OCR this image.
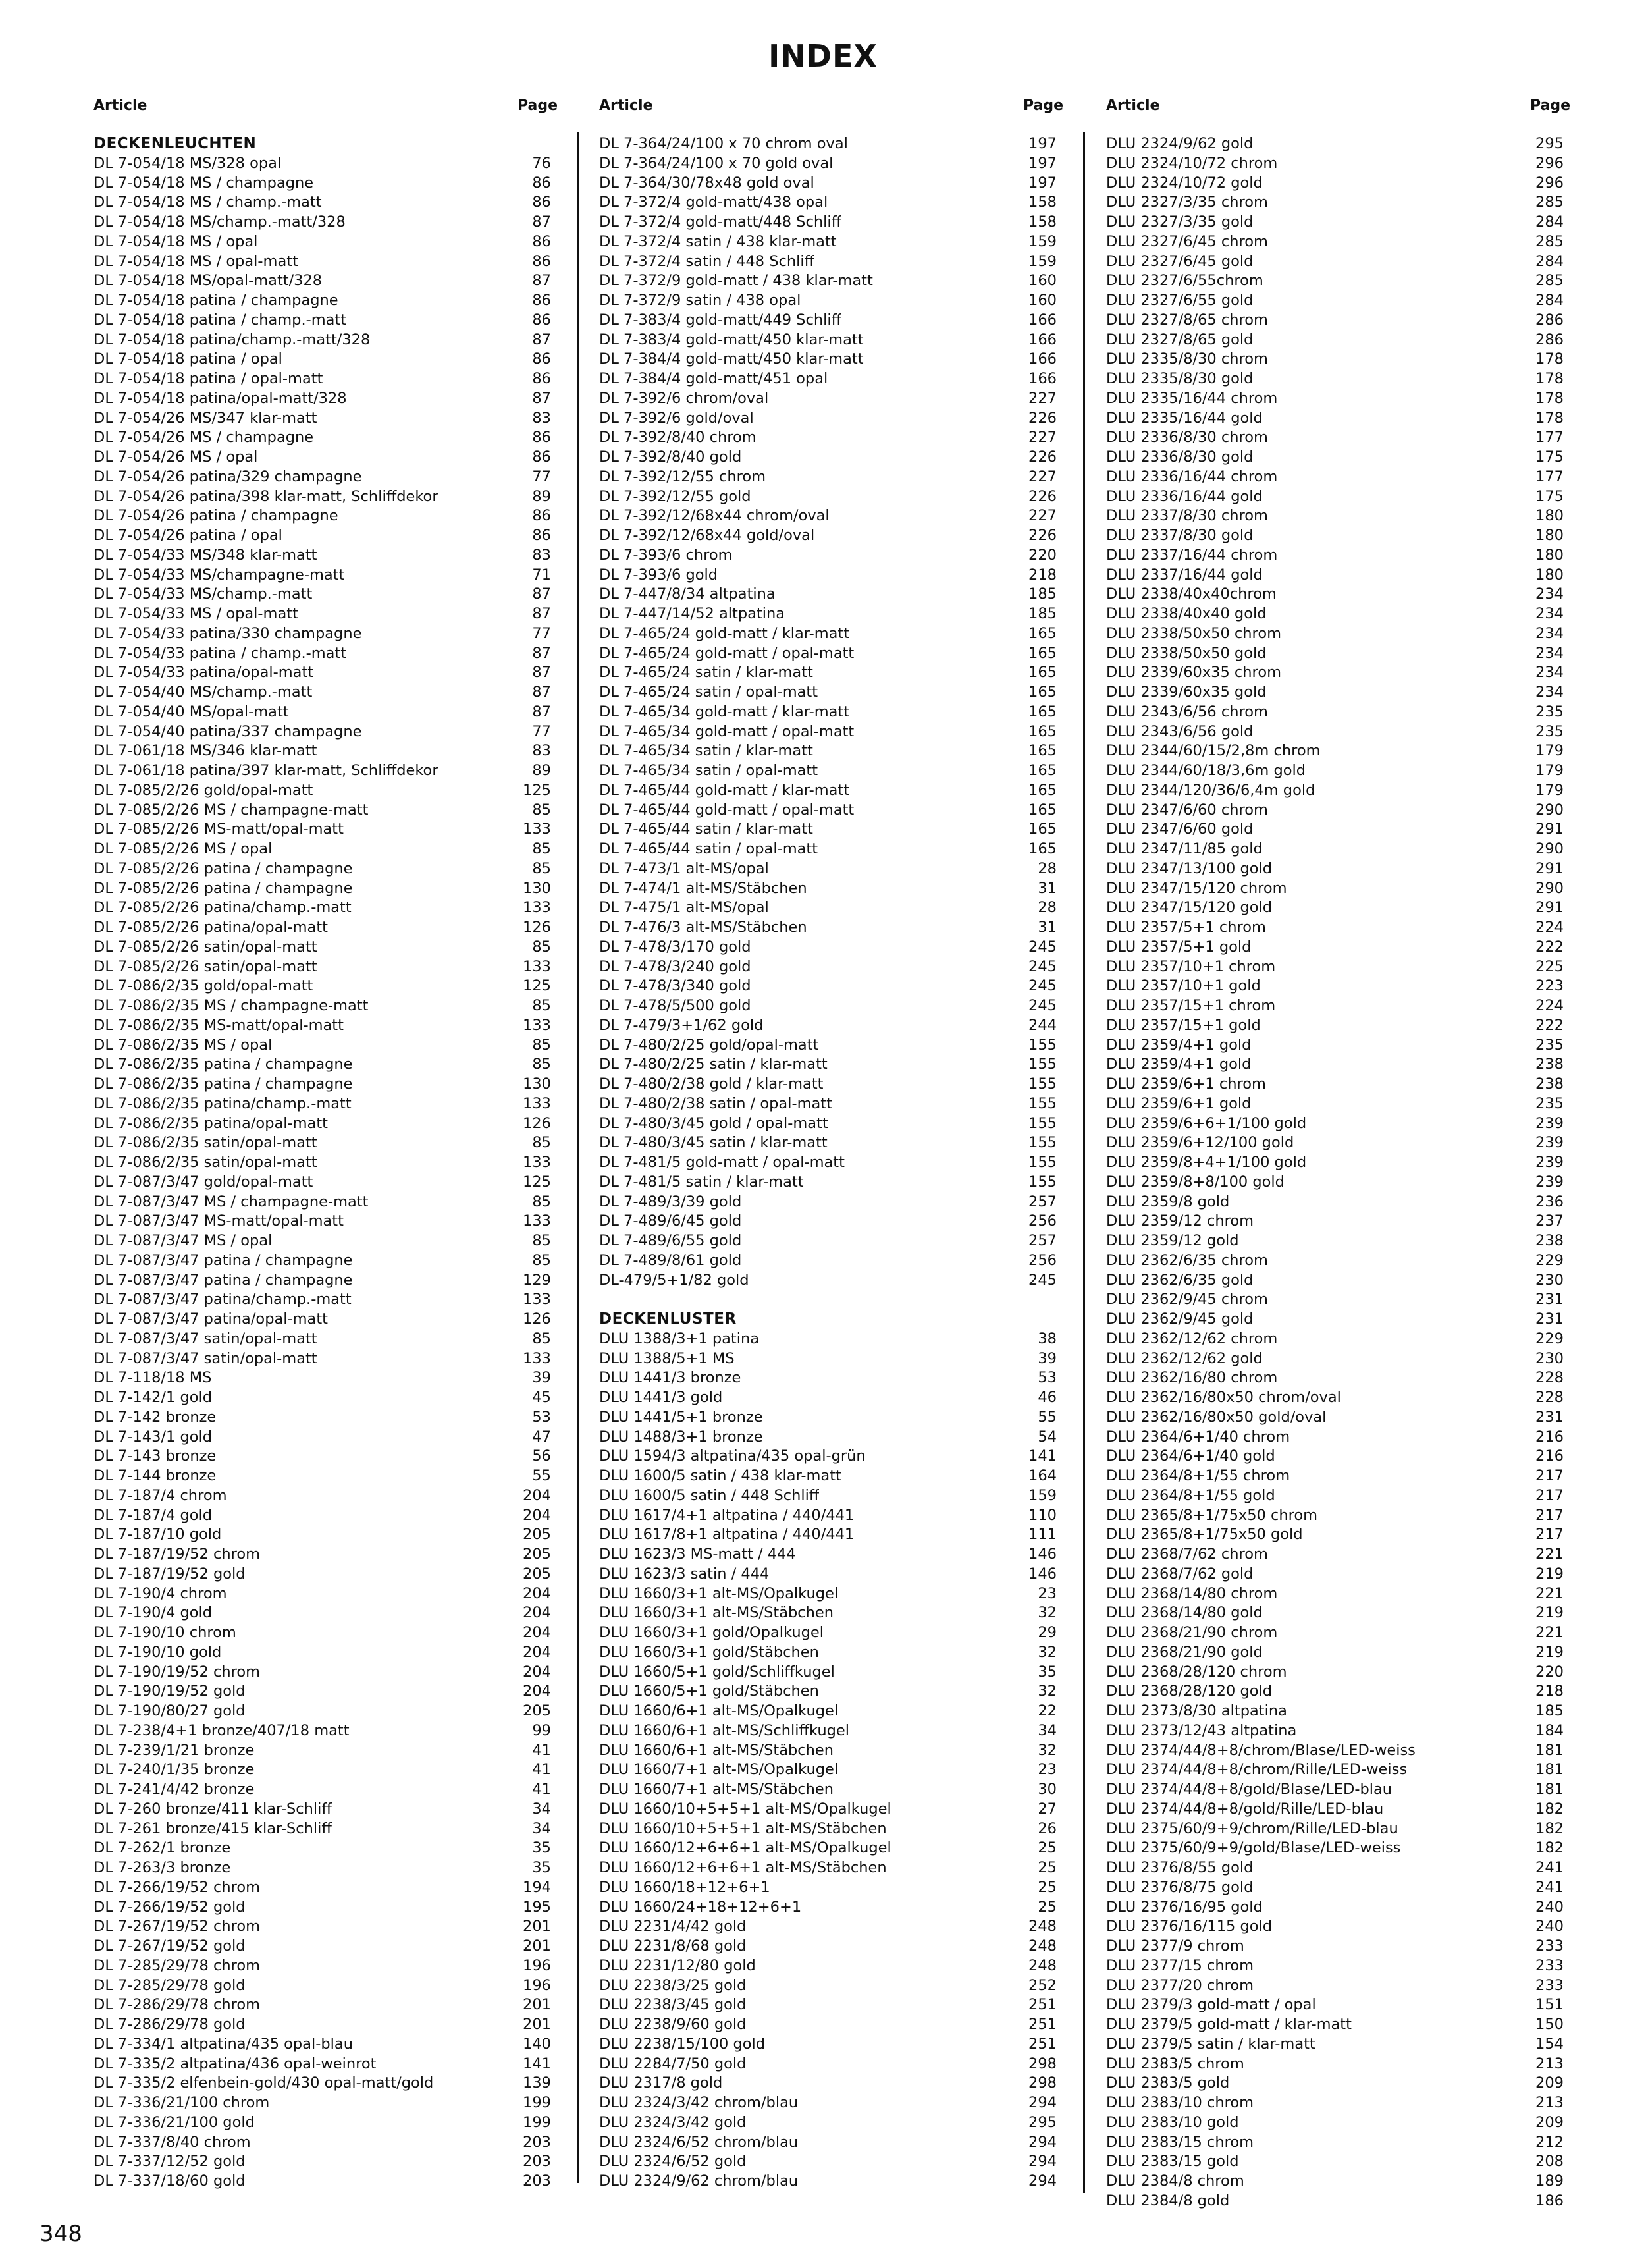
INDEX
Article	Page
DECKENLEUCHTEN
DL 7-054/18 MS/328 opal	76
DL 7-054/18 MS / champagne	86
DL 7-054/18 MS / champ.-matt	86
DL 7-054/18 MS/champ.-matt/328	87
DL 7-054/18 MS / opal	86
DL 7-054/18 MS / opal-matt	86
DL 7-054/18 MS/opal-matt/328	87
DL 7-054/18 patina / champagne	86
DL 7-054/18 patina / champ.-matt	86
DL 7-054/18 patina/champ.-matt/328	87
DL 7-054/18 patina / opal	86
DL 7-054/18 patina / opal-matt	86
DL 7-054/18 patina/opal-matt/328	87
DL 7-054/26 MS/347 klar-matt	83
DL 7-054/26 MS / champagne	86
DL 7-054/26 MS / opal	86
DL 7-054/26 patina/329 champagne	77
DL 7-054/26 patina/398 klar-matt, Schliffdekor	89
DL 7-054/26 patina / champagne	86
DL 7-054/26 patina / opal	86
DL 7-054/33 MS/348 klar-matt	83
DL 7-054/33 MS/champagne-matt	71
DL 7-054/33 MS/champ.-matt	87
DL 7-054/33 MS / opal-matt	87
DL 7-054/33 patina/330 champagne	77
DL 7-054/33 patina / champ.-matt	87
DL 7-054/33 patina/opal-matt	87
DL 7-054/40 MS/champ.-matt	87
DL 7-054/40 MS/opal-matt	87
DL 7-054/40 patina/337 champagne	77
DL 7-061/18 MS/346 klar-matt	83
DL 7-061/18 patina/397 klar-matt, Schliffdekor	89
DL 7-085/2/26 gold/opal-matt	125
DL 7-085/2/26 MS / champagne-matt	85
DL 7-085/2/26 MS-matt/opal-matt	133
DL 7-085/2/26 MS / opal	85
DL 7-085/2/26 patina / champagne	85
DL 7-085/2/26 patina / champagne	130
DL 7-085/2/26 patina/champ.-matt	133
DL 7-085/2/26 patina/opal-matt	126
DL 7-085/2/26 satin/opal-matt	85
DL 7-085/2/26 satin/opal-matt	133
DL 7-086/2/35 gold/opal-matt	125
DL 7-086/2/35 MS / champagne-matt	85
DL 7-086/2/35 MS-matt/opal-matt	133
DL 7-086/2/35 MS / opal	85
DL 7-086/2/35 patina / champagne	85
DL 7-086/2/35 patina / champagne	130
DL 7-086/2/35 patina/champ.-matt	133
DL 7-086/2/35 patina/opal-matt	126
DL 7-086/2/35 satin/opal-matt	85
DL 7-086/2/35 satin/opal-matt	133
DL 7-087/3/47 gold/opal-matt	125
DL 7-087/3/47 MS / champagne-matt	85
DL 7-087/3/47 MS-matt/opal-matt	133
DL 7-087/3/47 MS / opal	85
DL 7-087/3/47 patina / champagne	85
DL 7-087/3/47 patina / champagne	129
DL 7-087/3/47 patina/champ.-matt	133
DL 7-087/3/47 patina/opal-matt	126
DL 7-087/3/47 satin/opal-matt	85
DL 7-087/3/47 satin/opal-matt	133
DL 7-118/18 MS	39
DL 7-142/1 gold	45
DL 7-142 bronze	53
DL 7-143/1 gold	47
DL 7-143 bronze	56
DL 7-144 bronze	55
DL 7-187/4 chrom	204
DL 7-187/4 gold	204
DL 7-187/10 gold	205
DL 7-187/19/52 chrom	205
DL 7-187/19/52 gold	205
DL 7-190/4 chrom	204
DL 7-190/4 gold	204
DL 7-190/10 chrom	204
DL 7-190/10 gold	204
DL 7-190/19/52 chrom	204
DL 7-190/19/52 gold	204
DL 7-190/80/27 gold	205
DL 7-238/4+1 bronze/407/18 matt	99
DL 7-239/1/21 bronze	41
DL 7-240/1/35 bronze	41
DL 7-241/4/42 bronze	41
DL 7-260 bronze/411 klar-Schliff	34
DL 7-261 bronze/415 klar-Schliff	34
DL 7-262/1 bronze	35
DL 7-263/3 bronze	35
DL 7-266/19/52 chrom	194
DL 7-266/19/52 gold	195
DL 7-267/19/52 chrom	201
DL 7-267/19/52 gold	201
DL 7-285/29/78 chrom	196
DL 7-285/29/78 gold	196
DL 7-286/29/78 chrom	201
DL 7-286/29/78 gold	201
DL 7-334/1 altpatina/435 opal-blau	140
DL 7-335/2 altpatina/436 opal-weinrot	141
DL 7-335/2 elfenbein-gold/430 opal-matt/gold	139
DL 7-336/21/100 chrom	199
DL 7-336/21/100 gold	199
DL 7-337/8/40 chrom	203
DL 7-337/12/52 gold	203
DL 7-337/18/60 gold	203
Article	Page
DL 7-364/24/100 x 70 chrom oval	197
DL 7-364/24/100 x 70 gold oval	197
DL 7-364/30/78x48 gold oval	197
DL 7-372/4 gold-matt/438 opal	158
DL 7-372/4 gold-matt/448 Schliff	158
DL 7-372/4 satin / 438 klar-matt	159
DL 7-372/4 satin / 448 Schliff	159
DL 7-372/9 gold-matt / 438 klar-matt	160
DL 7-372/9 satin / 438 opal	160
DL 7-383/4 gold-matt/449 Schliff	166
DL 7-383/4 gold-matt/450 klar-matt	166
DL 7-384/4 gold-matt/450 klar-matt	166
DL 7-384/4 gold-matt/451 opal	166
DL 7-392/6 chrom/oval	227
DL 7-392/6 gold/oval	226
DL 7-392/8/40 chrom	227
DL 7-392/8/40 gold	226
DL 7-392/12/55 chrom	227
DL 7-392/12/55 gold	226
DL 7-392/12/68x44 chrom/oval	227
DL 7-392/12/68x44 gold/oval	226
DL 7-393/6 chrom	220
DL 7-393/6 gold	218
DL 7-447/8/34 altpatina	185
DL 7-447/14/52 altpatina	185
DL 7-465/24 gold-matt / klar-matt	165
DL 7-465/24 gold-matt / opal-matt	165
DL 7-465/24 satin / klar-matt	165
DL 7-465/24 satin / opal-matt	165
DL 7-465/34 gold-matt / klar-matt	165
DL 7-465/34 gold-matt / opal-matt	165
DL 7-465/34 satin / klar-matt	165
DL 7-465/34 satin / opal-matt	165
DL 7-465/44 gold-matt / klar-matt	165
DL 7-465/44 gold-matt / opal-matt	165
DL 7-465/44 satin / klar-matt	165
DL 7-465/44 satin / opal-matt	165
DL 7-473/1 alt-MS/opal	28
DL 7-474/1 alt-MS/Stäbchen	31
DL 7-475/1 alt-MS/opal	28
DL 7-476/3 alt-MS/Stäbchen	31
DL 7-478/3/170 gold	245
DL 7-478/3/240 gold	245
DL 7-478/3/340 gold	245
DL 7-478/5/500 gold	245
DL 7-479/3+1/62 gold	244
DL 7-480/2/25 gold/opal-matt	155
DL 7-480/2/25 satin / klar-matt	155
DL 7-480/2/38 gold / klar-matt	155
DL 7-480/2/38 satin / opal-matt	155
DL 7-480/3/45 gold / opal-matt	155
DL 7-480/3/45 satin / klar-matt	155
DL 7-481/5 gold-matt / opal-matt	155
DL 7-481/5 satin / klar-matt	155
DL 7-489/3/39 gold	257
DL 7-489/6/45 gold	256
DL 7-489/6/55 gold	257
DL 7-489/8/61 gold	256
DL-479/5+1/82 gold	245
DECKENLUSTER
DLU 1388/3+1 patina	38
DLU 1388/5+1 MS	39
DLU 1441/3 bronze	53
DLU 1441/3 gold	46
DLU 1441/5+1 bronze	55
DLU 1488/3+1 bronze	54
DLU 1594/3 altpatina/435 opal-grün	141
DLU 1600/5 satin / 438 klar-matt	164
DLU 1600/5 satin / 448 Schliff	159
DLU 1617/4+1 altpatina / 440/441	110
DLU 1617/8+1 altpatina / 440/441	111
DLU 1623/3 MS-matt / 444	146
DLU 1623/3 satin / 444	146
DLU 1660/3+1 alt-MS/Opalkugel	23
DLU 1660/3+1 alt-MS/Stäbchen	32
DLU 1660/3+1 gold/Opalkugel	29
DLU 1660/3+1 gold/Stäbchen	32
DLU 1660/5+1 gold/Schliffkugel	35
DLU 1660/5+1 gold/Stäbchen	32
DLU 1660/6+1 alt-MS/Opalkugel	22
DLU 1660/6+1 alt-MS/Schliffkugel	34
DLU 1660/6+1 alt-MS/Stäbchen	32
DLU 1660/7+1 alt-MS/Opalkugel	23
DLU 1660/7+1 alt-MS/Stäbchen	30
DLU 1660/10+5+5+1 alt-MS/Opalkugel	27
DLU 1660/10+5+5+1 alt-MS/Stäbchen	26
DLU 1660/12+6+6+1 alt-MS/Opalkugel	25
DLU 1660/12+6+6+1 alt-MS/Stäbchen	25
DLU 1660/18+12+6+1	25
DLU 1660/24+18+12+6+1	25
DLU 2231/4/42 gold	248
DLU 2231/8/68 gold	248
DLU 2231/12/80 gold	248
DLU 2238/3/25 gold	252
DLU 2238/3/45 gold	251
DLU 2238/9/60 gold	251
DLU 2238/15/100 gold	251
DLU 2284/7/50 gold	298
DLU 2317/8 gold	298
DLU 2324/3/42 chrom/blau	294
DLU 2324/3/42 gold	295
DLU 2324/6/52 chrom/blau	294
DLU 2324/6/52 gold	294
DLU 2324/9/62 chrom/blau	294
Article	Page
DLU 2324/9/62 gold	295
DLU 2324/10/72 chrom	296
DLU 2324/10/72 gold	296
DLU 2327/3/35 chrom	285
DLU 2327/3/35 gold	284
DLU 2327/6/45 chrom	285
DLU 2327/6/45 gold	284
DLU 2327/6/55chrom	285
DLU 2327/6/55 gold	284
DLU 2327/8/65 chrom	286
DLU 2327/8/65 gold	286
DLU 2335/8/30 chrom	178
DLU 2335/8/30 gold	178
DLU 2335/16/44 chrom	178
DLU 2335/16/44 gold	178
DLU 2336/8/30 chrom	177
DLU 2336/8/30 gold	175
DLU 2336/16/44 chrom	177
DLU 2336/16/44 gold	175
DLU 2337/8/30 chrom	180
DLU 2337/8/30 gold	180
DLU 2337/16/44 chrom	180
DLU 2337/16/44 gold	180
DLU 2338/40x40chrom	234
DLU 2338/40x40 gold	234
DLU 2338/50x50 chrom	234
DLU 2338/50x50 gold	234
DLU 2339/60x35 chrom	234
DLU 2339/60x35 gold	234
DLU 2343/6/56 chrom	235
DLU 2343/6/56 gold	235
DLU 2344/60/15/2,8m chrom	179
DLU 2344/60/18/3,6m gold	179
DLU 2344/120/36/6,4m gold	179
DLU 2347/6/60 chrom	290
DLU 2347/6/60 gold	291
DLU 2347/11/85 gold	290
DLU 2347/13/100 gold	291
DLU 2347/15/120 chrom	290
DLU 2347/15/120 gold	291
DLU 2357/5+1 chrom	224
DLU 2357/5+1 gold	222
DLU 2357/10+1 chrom	225
DLU 2357/10+1 gold	223
DLU 2357/15+1 chrom	224
DLU 2357/15+1 gold	222
DLU 2359/4+1 gold	235
DLU 2359/4+1 gold	238
DLU 2359/6+1 chrom	238
DLU 2359/6+1 gold	235
DLU 2359/6+6+1/100 gold	239
DLU 2359/6+12/100 gold	239
DLU 2359/8+4+1/100 gold	239
DLU 2359/8+8/100 gold	239
DLU 2359/8 gold	236
DLU 2359/12 chrom	237
DLU 2359/12 gold	238
DLU 2362/6/35 chrom	229
DLU 2362/6/35 gold	230
DLU 2362/9/45 chrom	231
DLU 2362/9/45 gold	231
DLU 2362/12/62 chrom	229
DLU 2362/12/62 gold	230
DLU 2362/16/80 chrom	228
DLU 2362/16/80x50 chrom/oval	228
DLU 2362/16/80x50 gold/oval	231
DLU 2364/6+1/40 chrom	216
DLU 2364/6+1/40 gold	216
DLU 2364/8+1/55 chrom	217
DLU 2364/8+1/55 gold	217
DLU 2365/8+1/75x50 chrom	217
DLU 2365/8+1/75x50 gold	217
DLU 2368/7/62 chrom	221
DLU 2368/7/62 gold	219
DLU 2368/14/80 chrom	221
DLU 2368/14/80 gold	219
DLU 2368/21/90 chrom	221
DLU 2368/21/90 gold	219
DLU 2368/28/120 chrom	220
DLU 2368/28/120 gold	218
DLU 2373/8/30 altpatina	185
DLU 2373/12/43 altpatina	184
DLU 2374/44/8+8/chrom/Blase/LED-weiss	181
DLU 2374/44/8+8/chrom/Rille/LED-weiss	181
DLU 2374/44/8+8/gold/Blase/LED-blau	181
DLU 2374/44/8+8/gold/Rille/LED-blau	182
DLU 2375/60/9+9/chrom/Rille/LED-blau	182
DLU 2375/60/9+9/gold/Blase/LED-weiss	182
DLU 2376/8/55 gold	241
DLU 2376/8/75 gold	241
DLU 2376/16/95 gold	240
DLU 2376/16/115 gold	240
DLU 2377/9 chrom	233
DLU 2377/15 chrom	233
DLU 2377/20 chrom	233
DLU 2379/3 gold-matt / opal	151
DLU 2379/5 gold-matt / klar-matt	150
DLU 2379/5 satin / klar-matt	154
DLU 2383/5 chrom	213
DLU 2383/5 gold	209
DLU 2383/10 chrom	213
DLU 2383/10 gold	209
DLU 2383/15 chrom	212
DLU 2383/15 gold	208
DLU 2384/8 chrom	189
DLU 2384/8 gold	186
348
